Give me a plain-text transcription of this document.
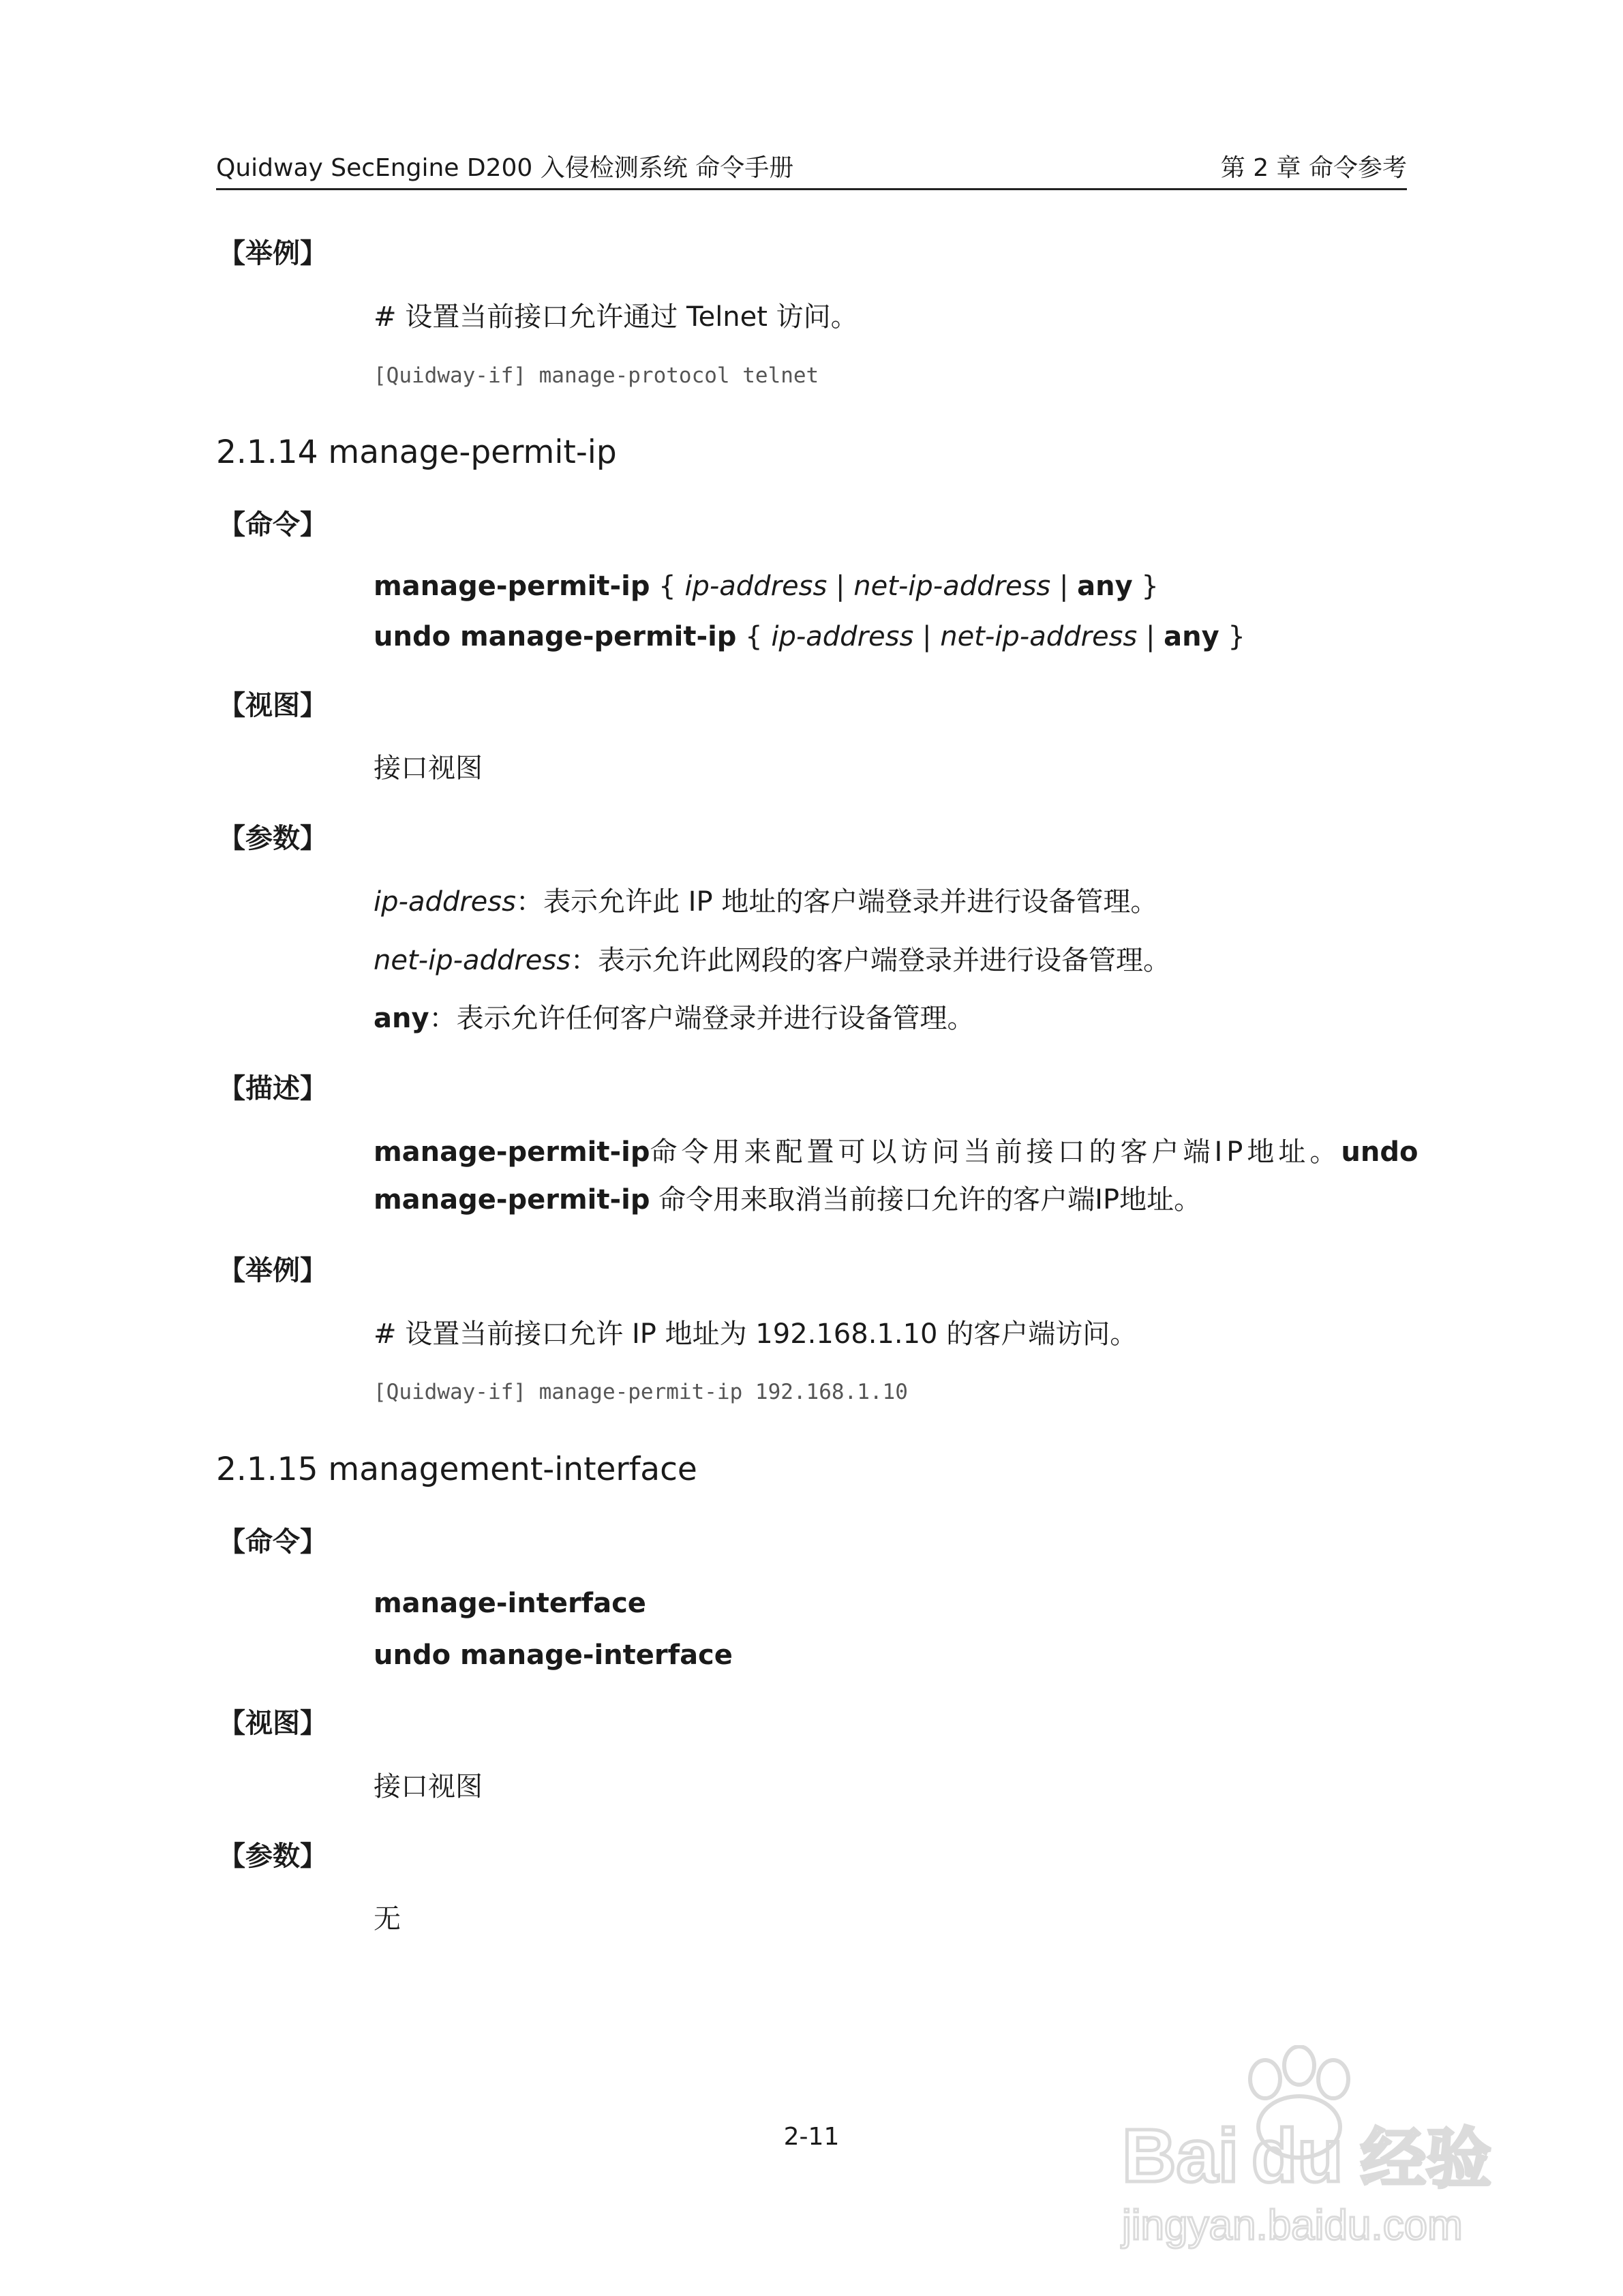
Quidway SecEngine D200 入侵检测系统 命令手册	第 2 章 命令参考
【举例】
# 设置当前接口允许通过 Telnet 访问。
[Quidway-if] manage-protocol telnet
2.1.14 manage-permit-ip
【命令】
manage-permit-ip { ip-address | net-ip-address | any }
undo manage-permit-ip { ip-address | net-ip-address | any }
【视图】
接口视图
【参数】
ip-address：表示允许此 IP 地址的客户端登录并进行设备管理。
net-ip-address：表示允许此网段的客户端登录并进行设备管理。
any：表示允许任何客户端登录并进行设备管理。
【描述】
manage-permit-ip命令用来配置可以访问当前接口的客户端IP地址。undo manage-permit-ip 命令用来取消当前接口允许的客户端IP地址。
【举例】
# 设置当前接口允许 IP 地址为 192.168.1.10 的客户端访问。
[Quidway-if] manage-permit-ip 192.168.1.10
2.1.15 management-interface
【命令】
manage-interface
undo manage-interface
【视图】
接口视图
【参数】
无
2-11	Bai du 经验
jingyan.baidu.com
